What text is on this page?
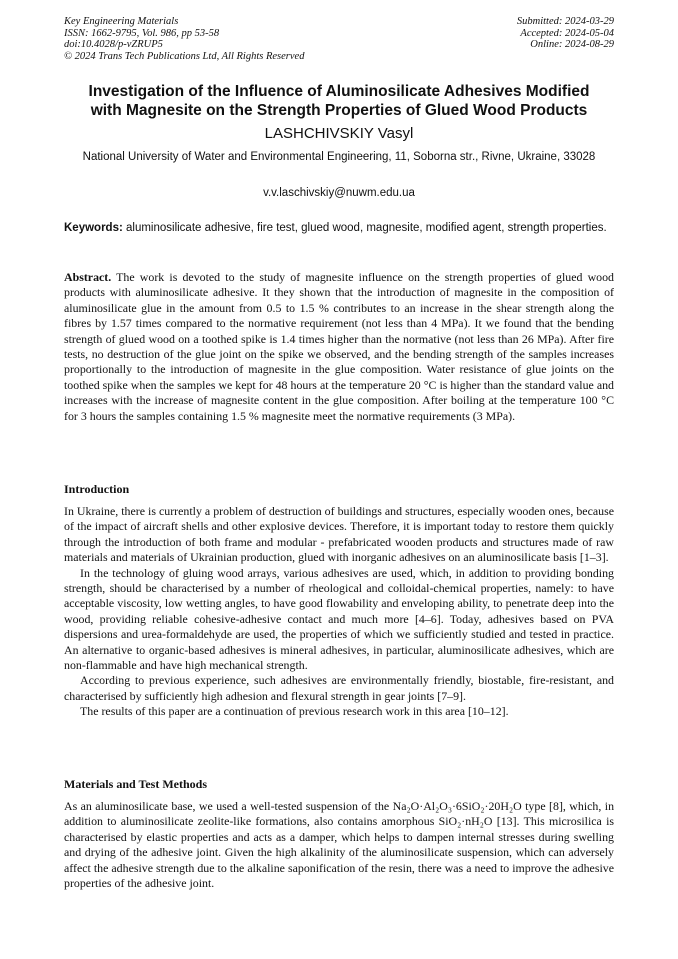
Key Engineering Materials
ISSN: 1662-9795, Vol. 986, pp 53-58
doi:10.4028/p-vZRUP5
© 2024 Trans Tech Publications Ltd, All Rights Reserved
Submitted: 2024-03-29
Accepted: 2024-05-04
Online: 2024-08-29
Investigation of the Influence of Aluminosilicate Adhesives Modified
with Magnesite on the Strength Properties of Glued Wood Products
LASHCHIVSKIY Vasyl
National University of Water and Environmental Engineering, 11, Soborna str., Rivne, Ukraine, 33028
v.v.laschivskiy@nuwm.edu.ua
Keywords: aluminosilicate adhesive, fire test, glued wood, magnesite, modified agent, strength properties.

Abstract. The work is devoted to the study of magnesite influence on the strength properties of glued wood products with aluminosilicate adhesive. It they shown that the introduction of magnesite in the composition of aluminosilicate glue in the amount from 0.5 to 1.5 % contributes to an increase in the shear strength along the fibres by 1.57 times compared to the normative requirement (not less than 4 MPa). It we found that the bending strength of glued wood on a toothed spike is 1.4 times higher than the normative (not less than 26 MPa). After fire tests, no destruction of the glue joint on the spike we observed, and the bending strength of the samples increases proportionally to the introduction of magnesite in the glue composition. Water resistance of glue joints on the toothed spike when the samples we kept for 48 hours at the temperature 20 °C is higher than the standard value and increases with the increase of magnesite content in the glue composition. After boiling at the temperature 100 °C for 3 hours the samples containing 1.5 % magnesite meet the normative requirements (3 MPa).

Introduction

In Ukraine, there is currently a problem of destruction of buildings and structures, especially wooden ones, because of the impact of aircraft shells and other explosive devices. Therefore, it is important today to restore them quickly through the introduction of both frame and modular - prefabricated wooden products and structures made of raw materials and materials of Ukrainian production, glued with inorganic adhesives on an aluminosilicate basis [1–3].

In the technology of gluing wood arrays, various adhesives are used, which, in addition to providing bonding strength, should be characterised by a number of rheological and colloidal-chemical properties, namely: to have acceptable viscosity, low wetting angles, to have good flowability and enveloping ability, to penetrate deep into the wood, providing reliable cohesive-adhesive contact and much more [4–6]. Today, adhesives based on PVA dispersions and urea-formaldehyde are used, the properties of which we sufficiently studied and tested in practice. An alternative to organic-based adhesives is mineral adhesives, in particular, aluminosilicate adhesives, which are non-flammable and have high mechanical strength.

According to previous experience, such adhesives are environmentally friendly, biostable, fire-resistant, and characterised by sufficiently high adhesion and flexural strength in gear joints [7–9].

The results of this paper are a continuation of previous research work in this area [10–12].

Materials and Test Methods

As an aluminosilicate base, we used a well-tested suspension of the Na₂O·Al₂O₃·6SiO₂·20H₂O type [8], which, in addition to aluminosilicate zeolite-like formations, also contains amorphous SiO₂·nH₂O [13]. This microsilica is characterised by elastic properties and acts as a damper, which helps to dampen internal stresses during swelling and drying of the adhesive joint. Given the high alkalinity of the aluminosilicate suspension, which can adversely affect the adhesive strength due to the alkaline saponification of the resin, there was a need to improve the adhesive properties of the adhesive joint.
